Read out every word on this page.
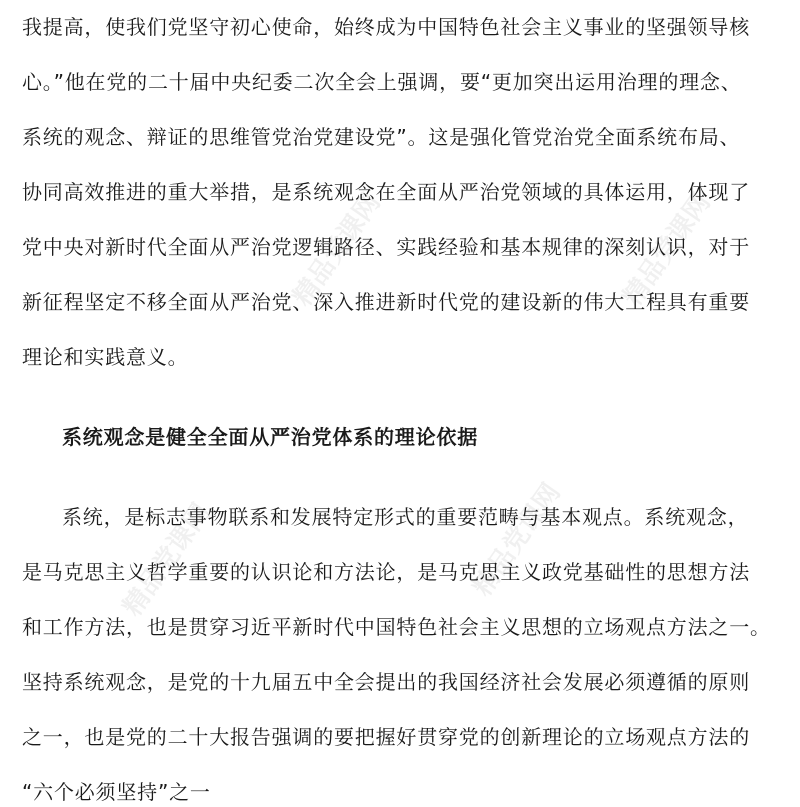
精品党课网	精品党课网
精品党课网	精品党课网
我提高，使我们党坚守初心使命，始终成为中国特色社会主义事业的坚强领导核
心。”他在党的二十届中央纪委二次全会上强调，要“更加突出运用治理的理念、
系统的观念、辩证的思维管党治党建设党”。这是强化管党治党全面系统布局、
协同高效推进的重大举措，是系统观念在全面从严治党领域的具体运用，体现了
党中央对新时代全面从严治党逻辑路径、实践经验和基本规律的深刻认识，对于
新征程坚定不移全面从严治党、深入推进新时代党的建设新的伟大工程具有重要
理论和实践意义。
系统观念是健全全面从严治党体系的理论依据
系统，是标志事物联系和发展特定形式的重要范畴与基本观点。系统观念，
是马克思主义哲学重要的认识论和方法论，是马克思主义政党基础性的思想方法
和工作方法，也是贯穿习近平新时代中国特色社会主义思想的立场观点方法之一。
坚持系统观念，是党的十九届五中全会提出的我国经济社会发展必须遵循的原则
之一，也是党的二十大报告强调的要把握好贯穿党的创新理论的立场观点方法的
“六个必须坚持”之一
